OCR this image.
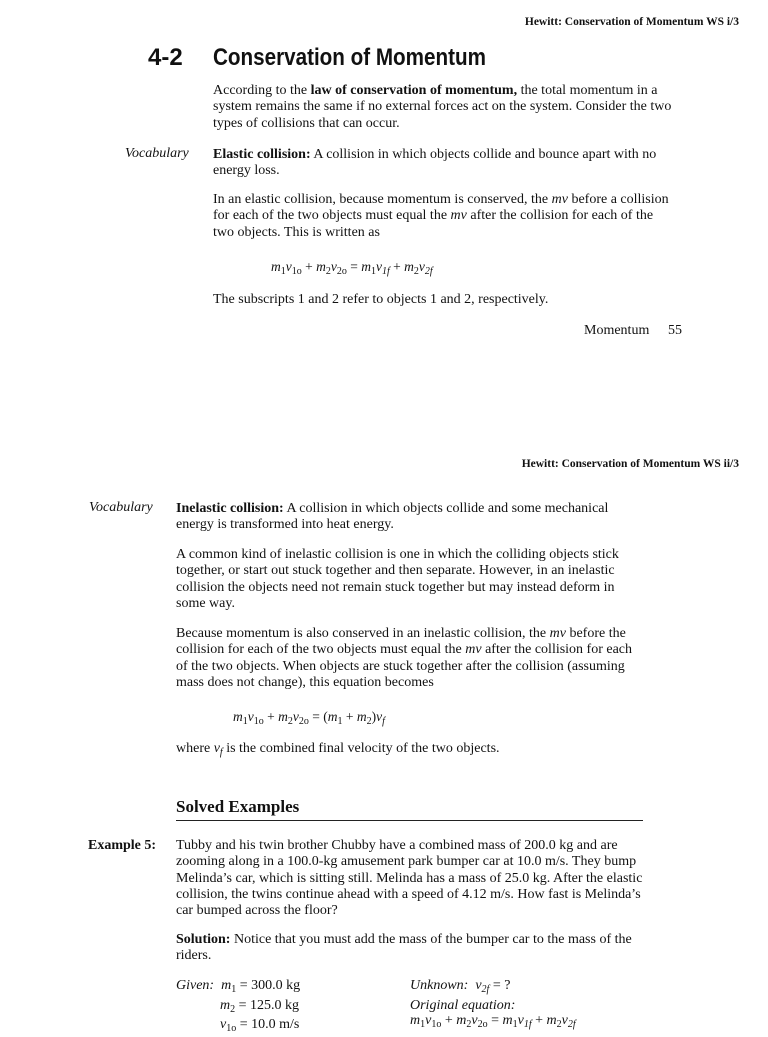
Hewitt: Conservation of Momentum WS i/3
4-2 Conservation of Momentum
According to the law of conservation of momentum, the total momentum in a system remains the same if no external forces act on the system. Consider the two types of collisions that can occur.
Vocabulary Elastic collision: A collision in which objects collide and bounce apart with no energy loss.
In an elastic collision, because momentum is conserved, the mv before a collision for each of the two objects must equal the mv after the collision for each of the two objects. This is written as
$m_1v_{1o} + m_2v_{2o} = m_1v_{1f} + m_2v_{2f}$
The subscripts 1 and 2 refer to objects 1 and 2, respectively.
Momentum 55
Hewitt: Conservation of Momentum WS ii/3
Vocabulary Inelastic collision: A collision in which objects collide and some mechanical energy is transformed into heat energy.
A common kind of inelastic collision is one in which the colliding objects stick together, or start out stuck together and then separate. However, in an inelastic collision the objects need not remain stuck together but may instead deform in some way.
Because momentum is also conserved in an inelastic collision, the mv before the collision for each of the two objects must equal the mv after the collision for each of the two objects. When objects are stuck together after the collision (assuming mass does not change), this equation becomes
$m_1v_{1o} + m_2v_{2o} = (m_1 + m_2)v_f$
where $v_f$ is the combined final velocity of the two objects.
Solved Examples
Example 5: Tubby and his twin brother Chubby have a combined mass of 200.0 kg and are zooming along in a 100.0-kg amusement park bumper car at 10.0 m/s. They bump Melinda’s car, which is sitting still. Melinda has a mass of 25.0 kg. After the elastic collision, the twins continue ahead with a speed of 4.12 m/s. How fast is Melinda’s car bumped across the floor?
Solution: Notice that you must add the mass of the bumper car to the mass of the riders.
Given: $m_1 = 300.0$ kg
$m_2 = 125.0$ kg
$v_{1o} = 10.0$ m/s
Unknown: $v_{2f}$ = ?
Original equation:
$m_1v_{1o} + m_2v_{2o} = m_1v_{1f} + m_2v_{2f}$
